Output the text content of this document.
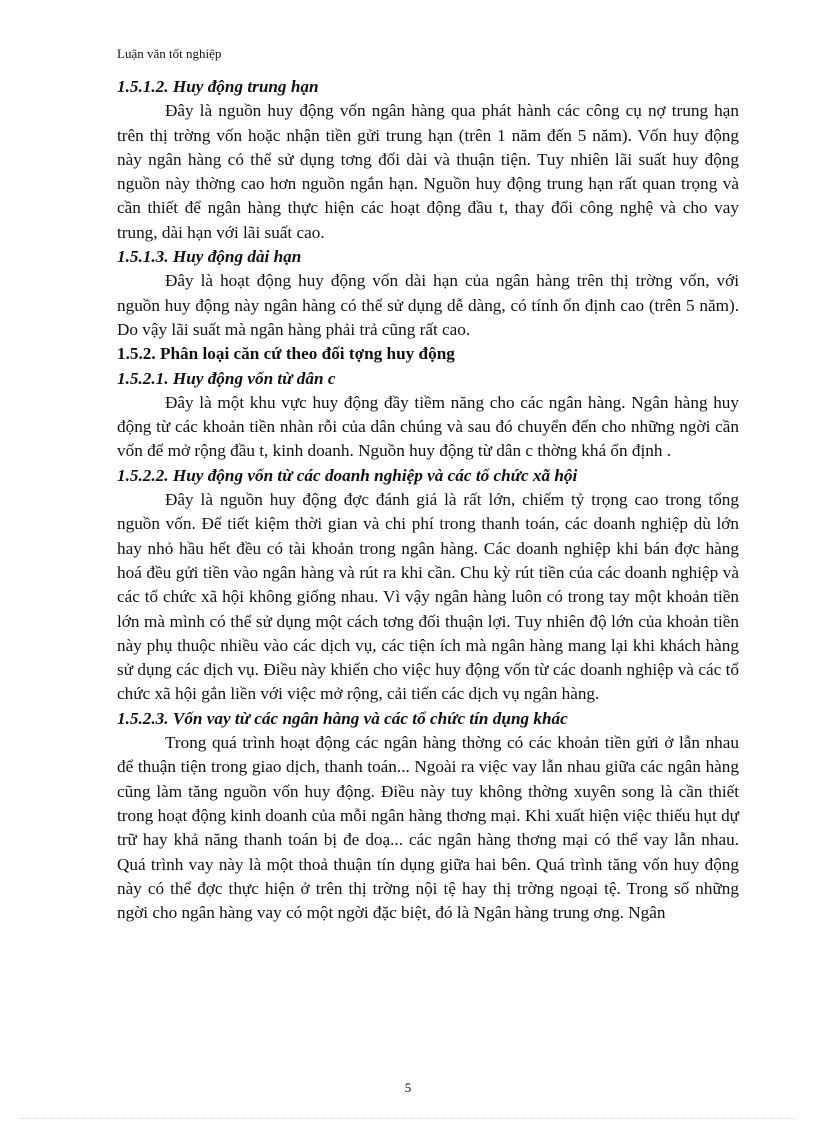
Luận văn tốt nghiệp
1.5.1.2. Huy động trung hạn

Đây là nguồn huy động vốn ngân hàng qua phát hành các công cụ nợ trung hạn trên thị trờng vốn hoặc nhận tiền gửi trung hạn (trên 1 năm đến 5 năm). Vốn huy động này ngân hàng có thể sử dụng tơng đối dài và thuận tiện. Tuy nhiên lãi suất huy động nguồn này thờng cao hơn nguồn ngắn hạn. Nguồn huy động trung hạn rất quan trọng và cần thiết để ngân hàng thực hiện các hoạt động đầu t, thay đổi công nghệ và cho vay trung, dài hạn với lãi suất cao.

1.5.1.3. Huy động dài hạn

Đây là hoạt động huy động vốn dài hạn của ngân hàng trên thị trờng vốn, với nguồn huy động này ngân hàng có thể sử dụng dễ dàng, có tính ổn định cao (trên 5 năm). Do vậy lãi suất mà ngân hàng phải trả cũng rất cao.

1.5.2. Phân loại căn cứ theo đối tợng huy động
1.5.2.1. Huy động vốn từ dân c

Đây là một khu vực huy động đầy tiềm năng cho các ngân hàng. Ngân hàng huy động từ các khoản tiền nhàn rỗi của dân chúng và sau đó chuyển đến cho những ngời cần vốn để mở rộng đầu t, kinh doanh. Nguồn huy động từ dân c thờng khá ổn định .

1.5.2.2. Huy động vốn từ các doanh nghiệp và các tổ chức xã hội

Đây là nguồn huy động đợc đánh giá là rất lớn, chiếm tỷ trọng cao trong tổng nguồn vốn. Để tiết kiệm thời gian và chi phí trong thanh toán, các doanh nghiệp dù lớn hay nhỏ hầu hết đều có tài khoản trong ngân hàng. Các doanh nghiệp khi bán đợc hàng hoá đều gửi tiền vào ngân hàng và rút ra khi cần. Chu kỳ rút tiền của các doanh nghiệp và các tổ chức xã hội không giống nhau. Vì vậy ngân hàng luôn có trong tay một khoản tiền lớn mà mình có thể sử dụng một cách tơng đối thuận lợi. Tuy nhiên độ lớn của khoản tiền này phụ thuộc nhiều vào các dịch vụ, các tiện ích mà ngân hàng mang lại khi khách hàng sử dụng các dịch vụ. Điều này khiến cho việc huy động vốn từ các doanh nghiệp và các tổ chức xã hội gắn liền với việc mở rộng, cải tiến các dịch vụ ngân hàng.

1.5.2.3. Vốn vay từ các ngân hàng và các tổ chức tín dụng khác

Trong quá trình hoạt động các ngân hàng thờng có các khoản tiền gửi ở lẫn nhau để thuận tiện trong giao dịch, thanh toán... Ngoài ra việc vay lẫn nhau giữa các ngân hàng cũng làm tăng nguồn vốn huy động. Điều này tuy không thờng xuyên song là cần thiết trong hoạt động kinh doanh của mỗi ngân hàng thơng mại. Khi xuất hiện việc thiếu hụt dự trữ hay khả năng thanh toán bị đe doạ... các ngân hàng thơng mại có thể vay lẫn nhau. Quá trình vay này là một thoả thuận tín dụng giữa hai bên. Quá trình tăng vốn huy động này có thể đợc thực hiện ở trên thị trờng nội tệ hay thị trờng ngoại tệ. Trong số những ngời cho ngân hàng vay có một ngời đặc biệt, đó là Ngân hàng trung ơng. Ngân

5
